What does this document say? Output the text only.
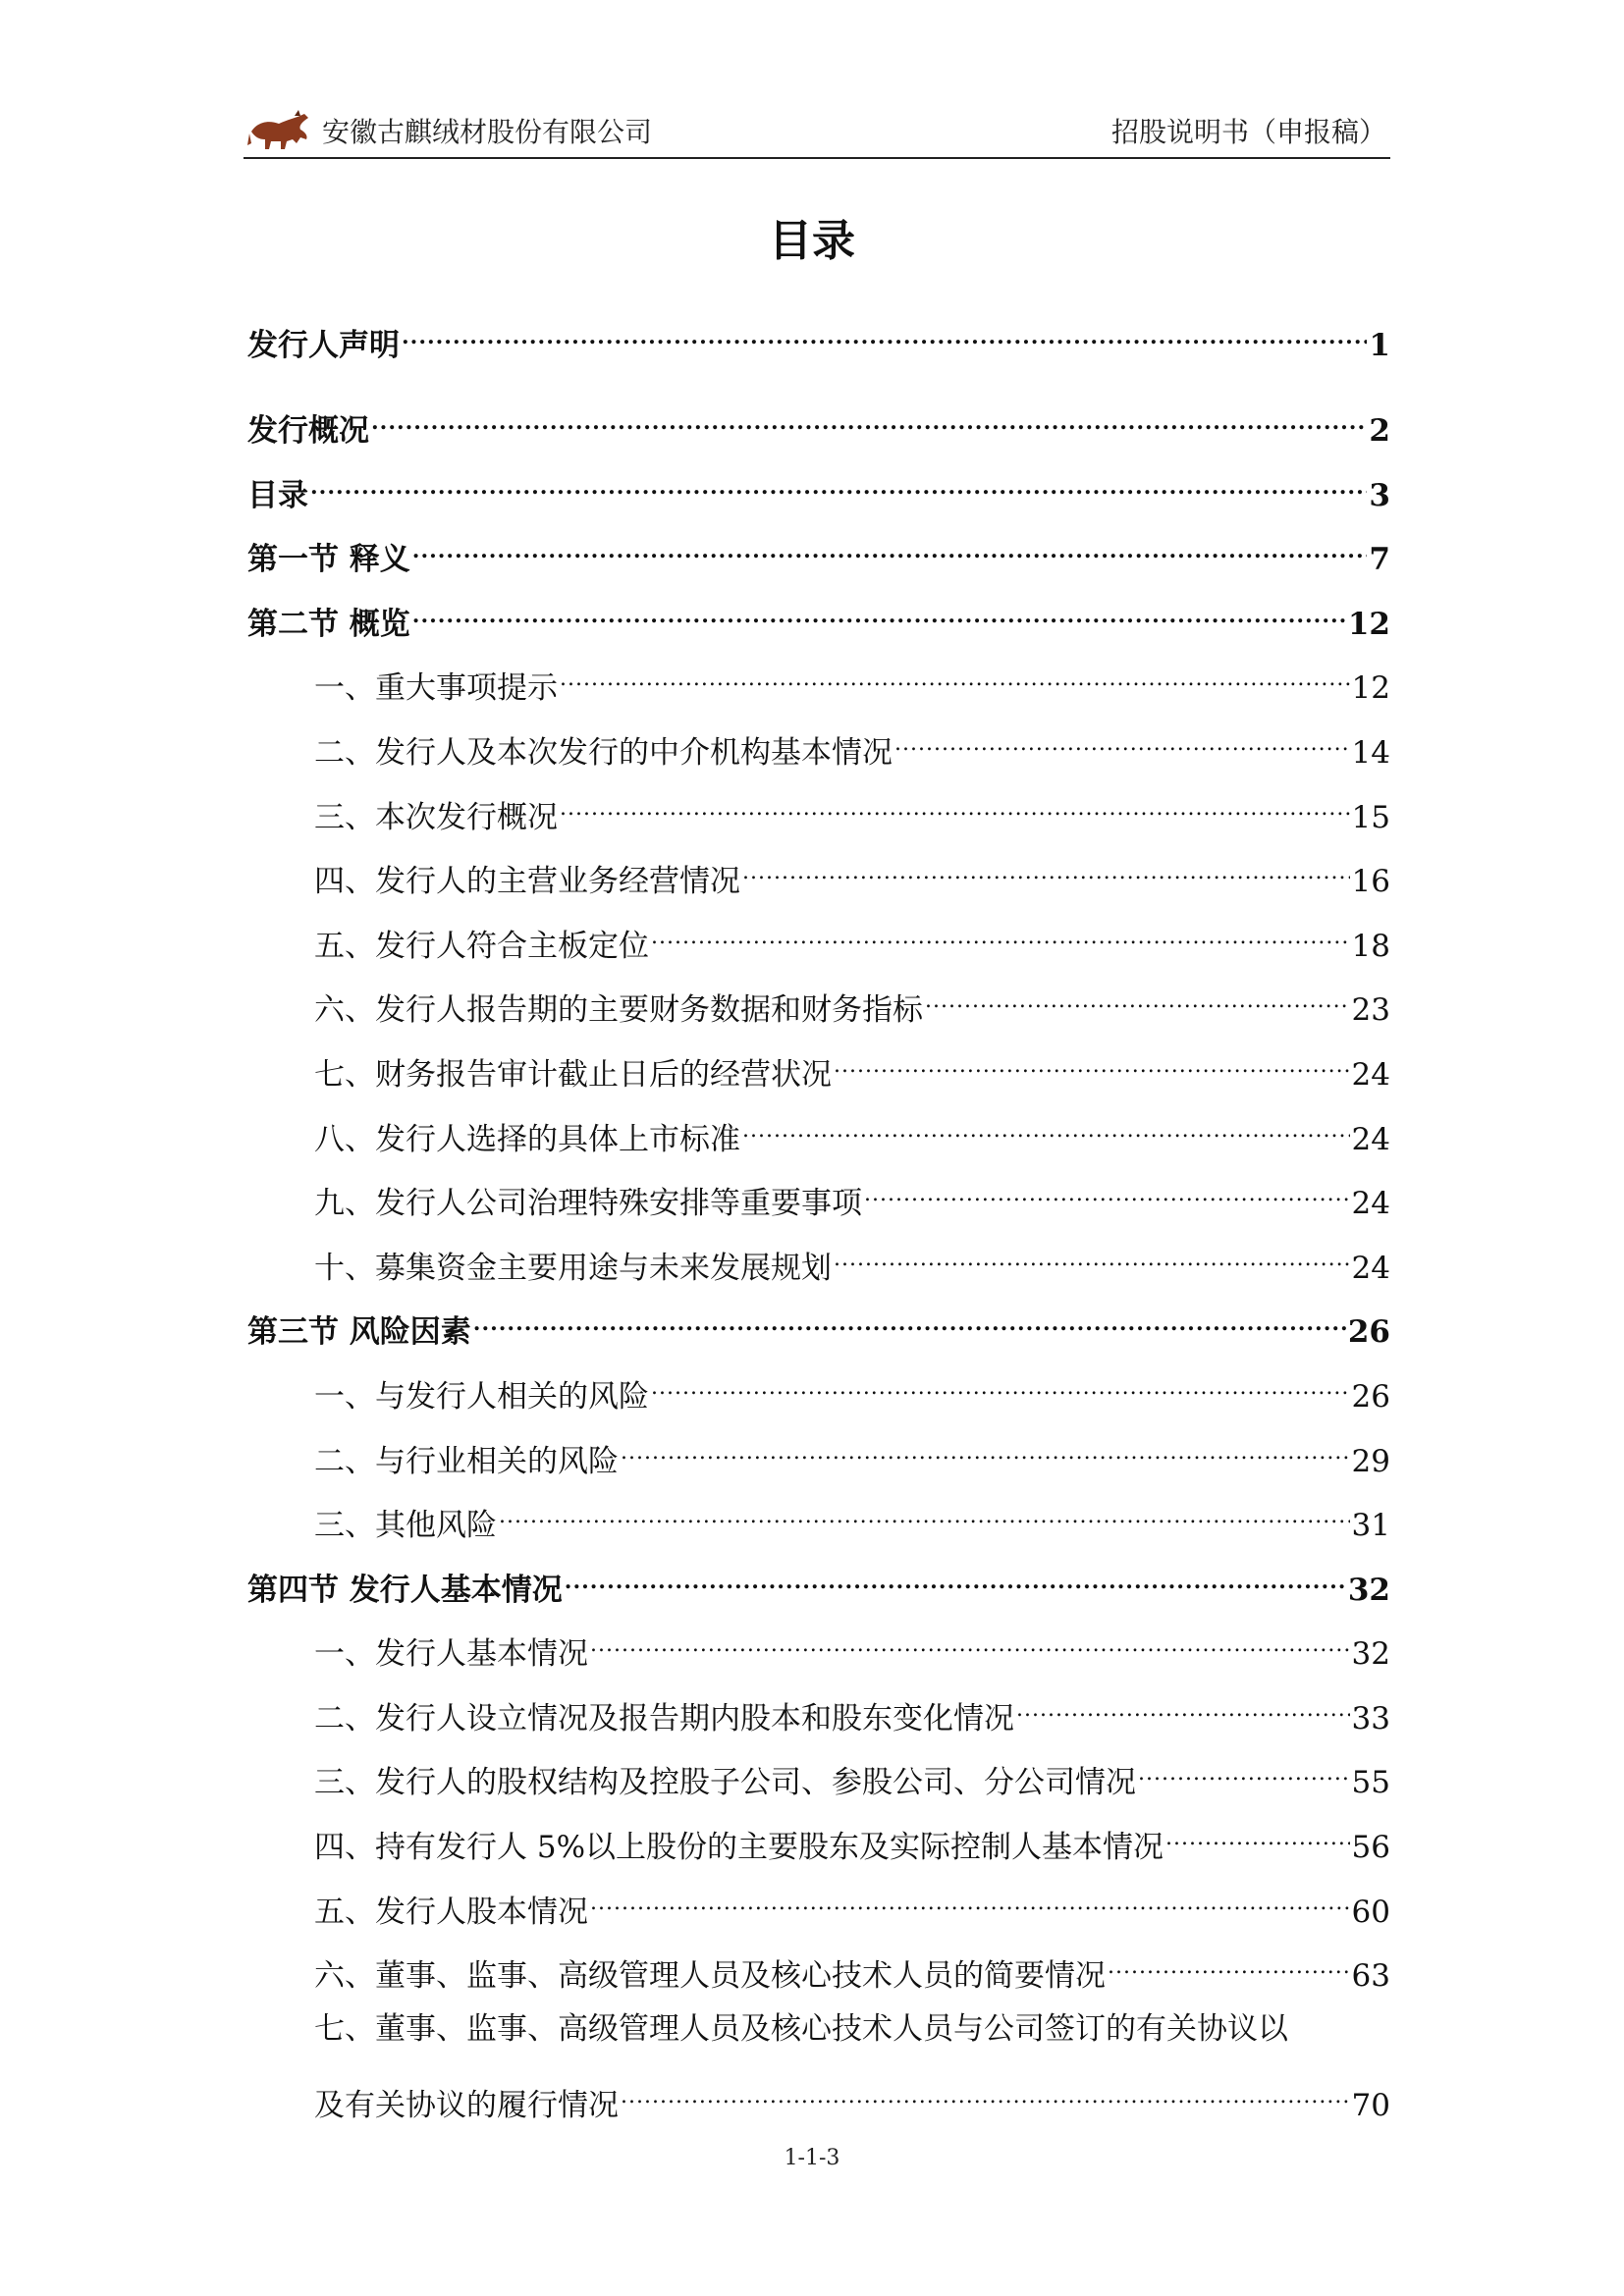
安徽古麒绒材股份有限公司	招股说明书（申报稿）
目录
发行人声明 .....	1
发行概况 .....	2
目录 .....	3
第一节 释义 .....	7
第二节 概览 .....	12
一、重大事项提示 .....	12
二、发行人及本次发行的中介机构基本情况 .....	14
三、本次发行概况 .....	15
四、发行人的主营业务经营情况 .....	16
五、发行人符合主板定位 .....	18
六、发行人报告期的主要财务数据和财务指标 .....	23
七、财务报告审计截止日后的经营状况 .....	24
八、发行人选择的具体上市标准 .....	24
九、发行人公司治理特殊安排等重要事项 .....	24
十、募集资金主要用途与未来发展规划 .....	24
第三节 风险因素 .....	26
一、与发行人相关的风险 .....	26
二、与行业相关的风险 .....	29
三、其他风险 .....	31
第四节 发行人基本情况 .....	32
一、发行人基本情况 .....	32
二、发行人设立情况及报告期内股本和股东变化情况 .....	33
三、发行人的股权结构及控股子公司、参股公司、分公司情况 .....	55
四、持有发行人 5%以上股份的主要股东及实际控制人基本情况 .....	56
五、发行人股本情况 .....	60
六、董事、监事、高级管理人员及核心技术人员的简要情况 .....	63
七、董事、监事、高级管理人员及核心技术人员与公司签订的有关协议以
及有关协议的履行情况 .....	70
1-1-3
